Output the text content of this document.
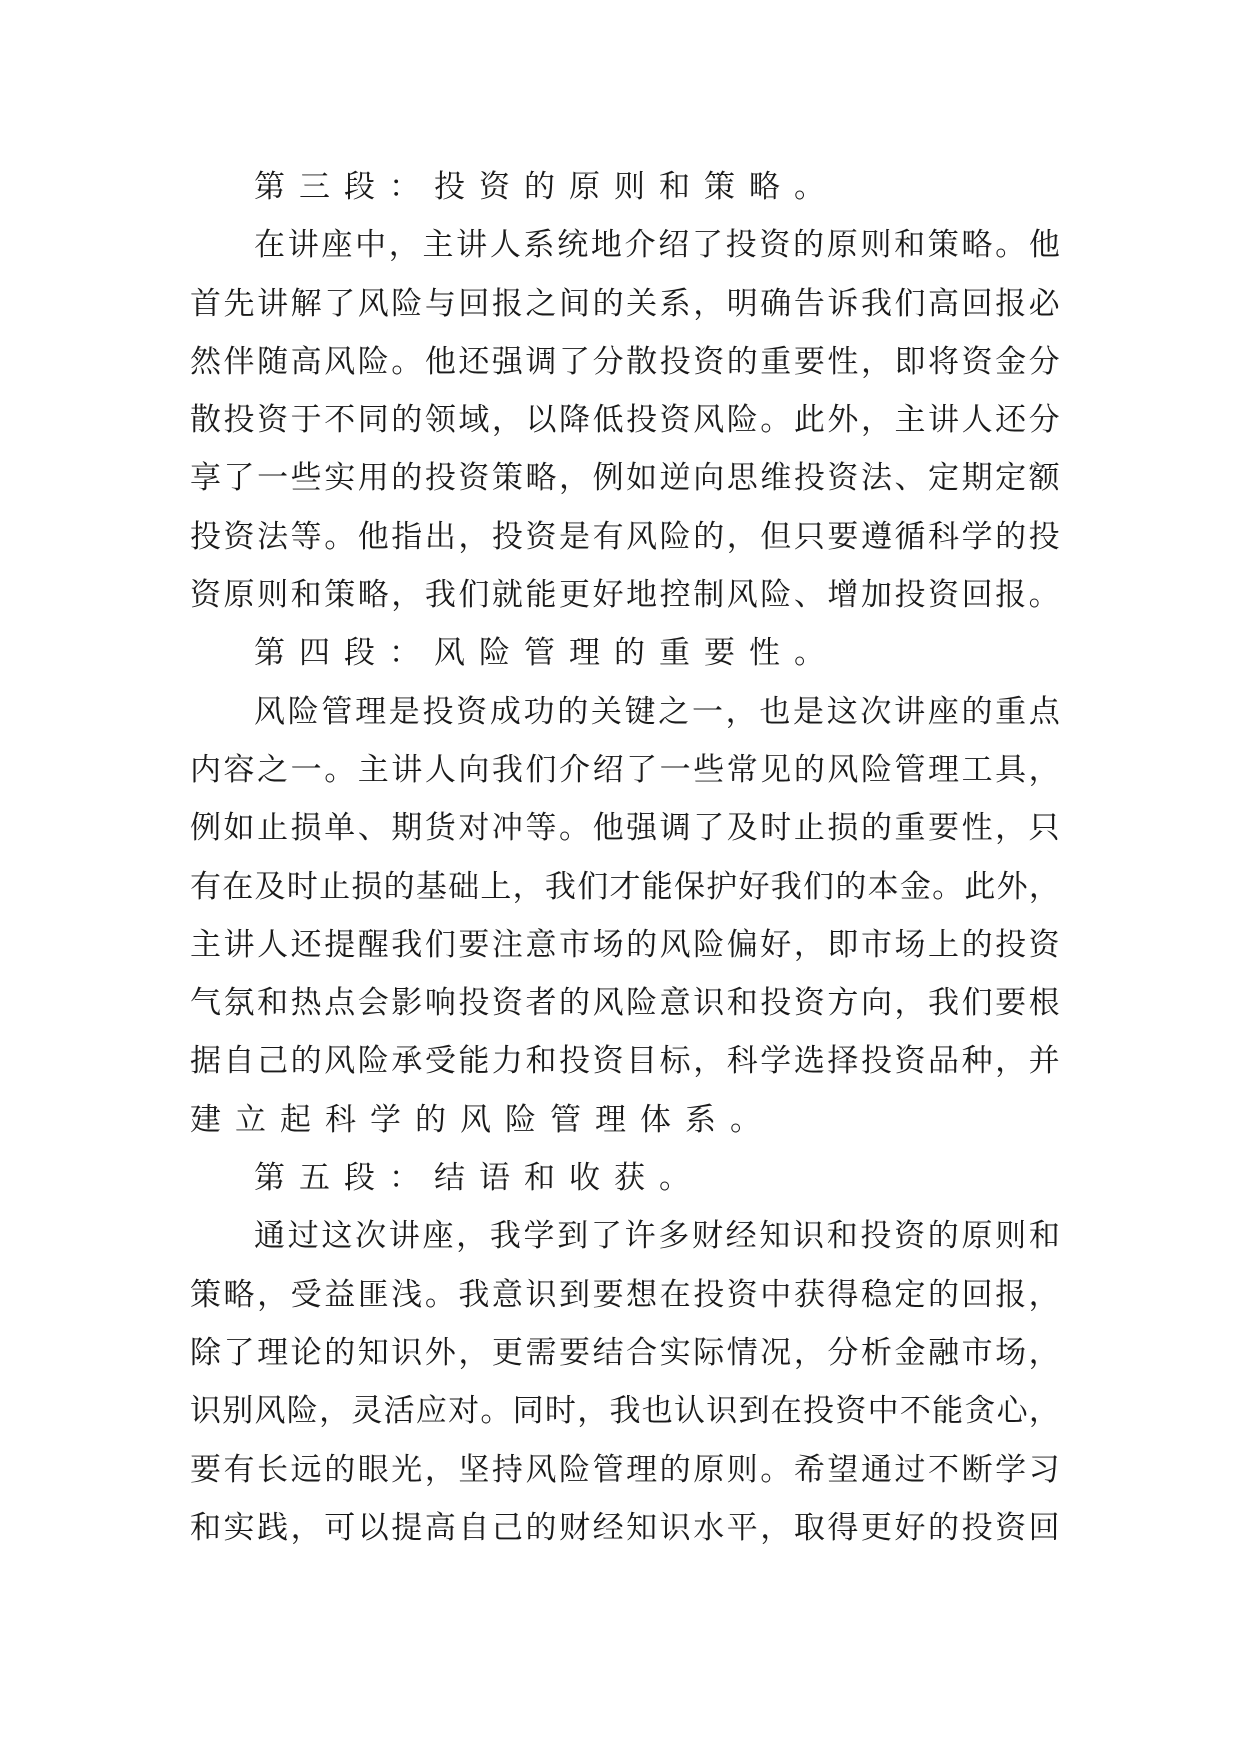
第 三 段 ： 投 资 的 原 则 和 策 略 。
在 讲 座 中 ， 主 讲 人 系 统 地 介 绍 了 投 资 的 原 则 和 策 略 。 他
首 先 讲 解 了 风 险 与 回 报 之 间 的 关 系 ， 明 确 告 诉 我 们 高 回 报 必
然 伴 随 高 风 险 。 他 还 强 调 了 分 散 投 资 的 重 要 性 ， 即 将 资 金 分
散 投 资 于 不 同 的 领 域 ， 以 降 低 投 资 风 险 。 此 外 ， 主 讲 人 还 分
享 了 一 些 实 用 的 投 资 策 略 ， 例 如 逆 向 思 维 投 资 法 、 定 期 定 额
投 资 法 等 。 他 指 出 ， 投 资 是 有 风 险 的 ， 但 只 要 遵 循 科 学 的 投
资 原 则 和 策 略 ， 我 们 就 能 更 好 地 控 制 风 险 、 增 加 投 资 回 报 。
第 四 段 ： 风 险 管 理 的 重 要 性 。
风 险 管 理 是 投 资 成 功 的 关 键 之 一 ， 也 是 这 次 讲 座 的 重 点
内 容 之 一 。 主 讲 人 向 我 们 介 绍 了 一 些 常 见 的 风 险 管 理 工 具 ，
例 如 止 损 单 、 期 货 对 冲 等 。 他 强 调 了 及 时 止 损 的 重 要 性 ， 只
有 在 及 时 止 损 的 基 础 上 ， 我 们 才 能 保 护 好 我 们 的 本 金 。 此 外 ，
主 讲 人 还 提 醒 我 们 要 注 意 市 场 的 风 险 偏 好 ， 即 市 场 上 的 投 资
气 氛 和 热 点 会 影 响 投 资 者 的 风 险 意 识 和 投 资 方 向 ， 我 们 要 根
据 自 己 的 风 险 承 受 能 力 和 投 资 目 标 ， 科 学 选 择 投 资 品 种 ， 并
建 立 起 科 学 的 风 险 管 理 体 系 。
第 五 段 ： 结 语 和 收 获 。
通 过 这 次 讲 座 ， 我 学 到 了 许 多 财 经 知 识 和 投 资 的 原 则 和
策 略 ， 受 益 匪 浅 。 我 意 识 到 要 想 在 投 资 中 获 得 稳 定 的 回 报 ，
除 了 理 论 的 知 识 外 ， 更 需 要 结 合 实 际 情 况 ， 分 析 金 融 市 场 ，
识 别 风 险 ， 灵 活 应 对 。 同 时 ， 我 也 认 识 到 在 投 资 中 不 能 贪 心 ，
要 有 长 远 的 眼 光 ， 坚 持 风 险 管 理 的 原 则 。 希 望 通 过 不 断 学 习
和 实 践 ， 可 以 提 高 自 己 的 财 经 知 识 水 平 ， 取 得 更 好 的 投 资 回
